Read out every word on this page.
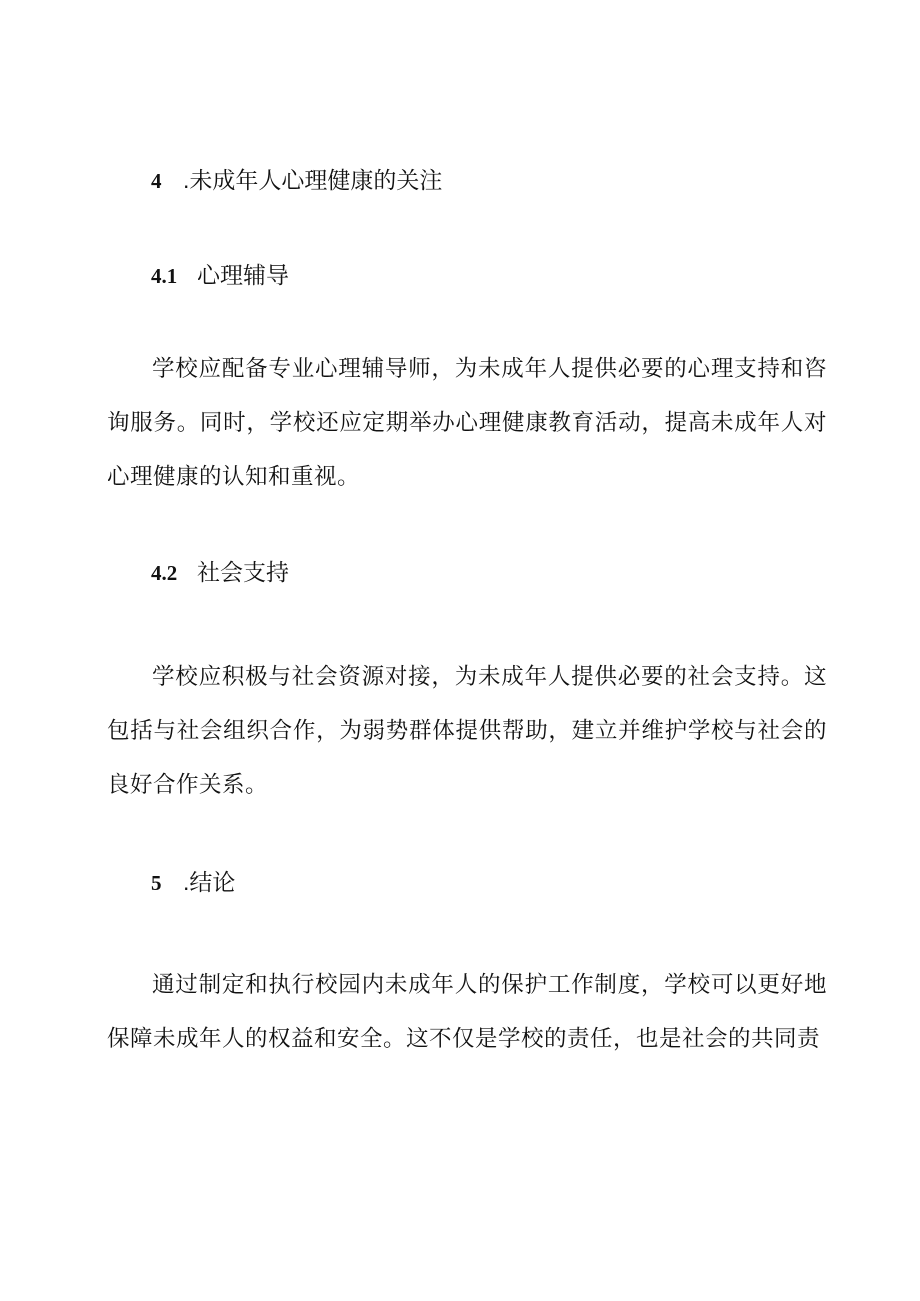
4 .未成年人心理健康的关注
4.1 心理辅导

学校应配备专业心理辅导师，为未成年人提供必要的心理支持和咨询服务。同时，学校还应定期举办心理健康教育活动，提高未成年人对心理健康的认知和重视。

4.2 社会支持

学校应积极与社会资源对接，为未成年人提供必要的社会支持。这包括与社会组织合作，为弱势群体提供帮助，建立并维护学校与社会的良好合作关系。

5 .结论

通过制定和执行校园内未成年人的保护工作制度，学校可以更好地保障未成年人的权益和安全。这不仅是学校的责任，也是社会的共同责
